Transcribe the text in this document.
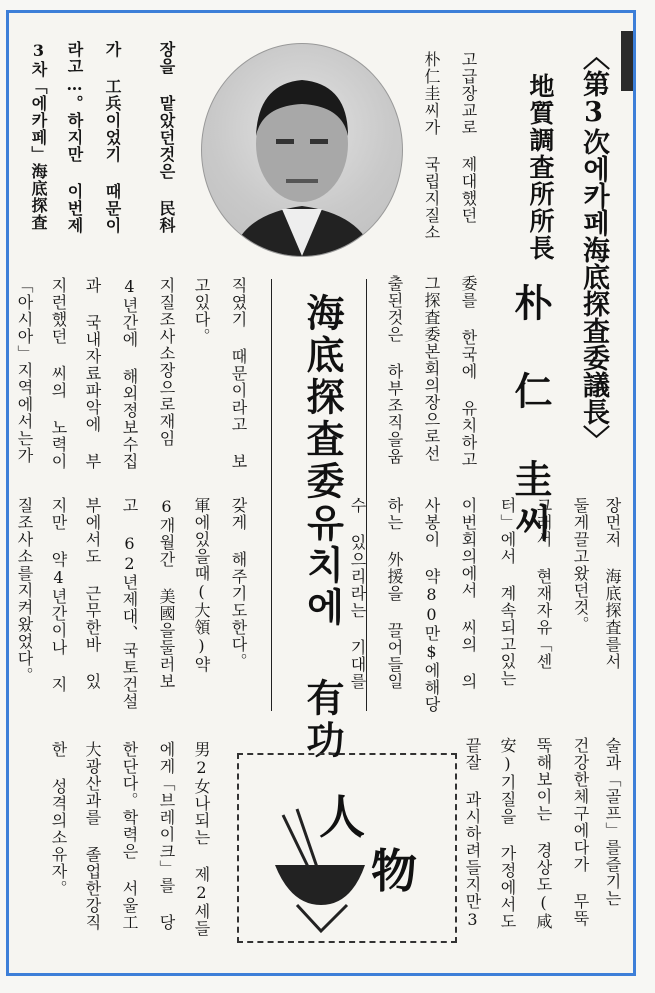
〈第3次에카페海底探査委議長〉
地質調査所所長
朴　仁　圭씨
고급장교로 제대했던
朴仁圭씨가 국립지질소
장을 맡았던것은 民科
가 工兵이었기 때문이
라고…。하지만 이번제
3차「에카페」海底探査
委를 한국에 유치하고
그探査委본회의장으로선
출된것은 하부조직을움
海底探査委유치에 有功
직였기 때문이라고 보
고있다。
지질조사소장으로재임
4년간에 해외정보수집
과 국내자료파악에 부
지런했던 씨의 노력이
「아시아」지역에서는가
장먼저 海底探査를서
둘게끌고왔던것。
그래서 현재자유「센
터」에서 계속되고있는
이번회의에서 씨의 의
사봉이 약80만$에해당
하는 外援을 끌어들일
수 있으리라는 기대를
갖게 해주기도한다。
軍에있을때(大領)약
6개월간 美國을둘러보
고 62년제대、국토건설
부에서도 근무한바 있
지만 약4년간이나 지
질조사소를지켜왔었다。
술과「골프」를즐기는
건강한체구에다가 무뚝
뚝해보이는 경상도(咸
安)기질을 가정에서도
끝잘 과시하려들지만3
人
物
男2女나되는 제2세들
에게「브레이크」를 당
한단다。학력은 서울工
大광산과를 졸업한강직
한 성격의소유자。
